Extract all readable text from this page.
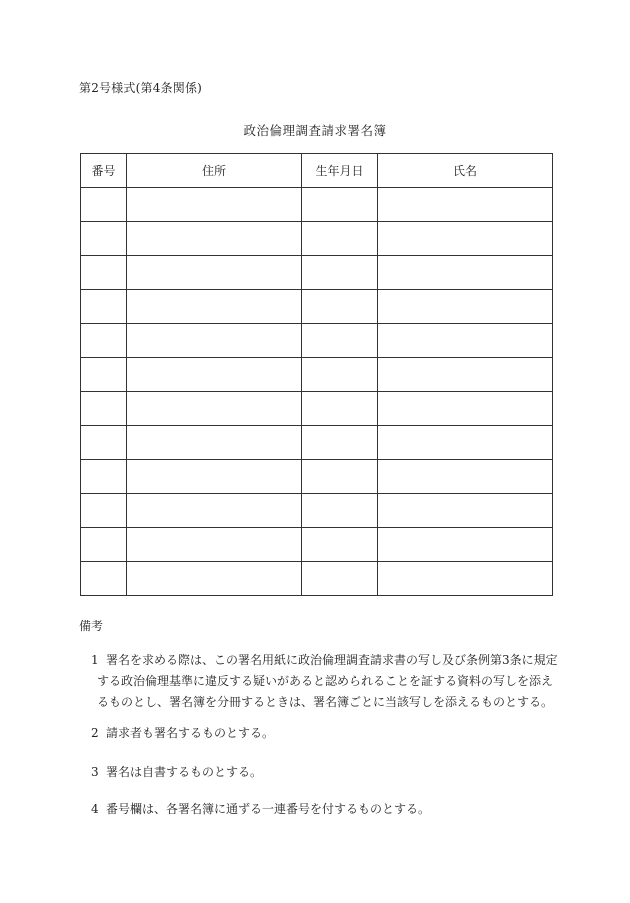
第2号様式(第4条関係)
政治倫理調査請求署名簿
番号	住所	生年月日	氏名

備考
1 署名を求める際は、この署名用紙に政治倫理調査請求書の写し及び条例第3条に規定
する政治倫理基準に違反する疑いがあると認められることを証する資料の写しを添え
るものとし、署名簿を分冊するときは、署名簿ごとに当該写しを添えるものとする。
2 請求者も署名するものとする。
3 署名は自書するものとする。
4 番号欄は、各署名簿に通ずる一連番号を付するものとする。
